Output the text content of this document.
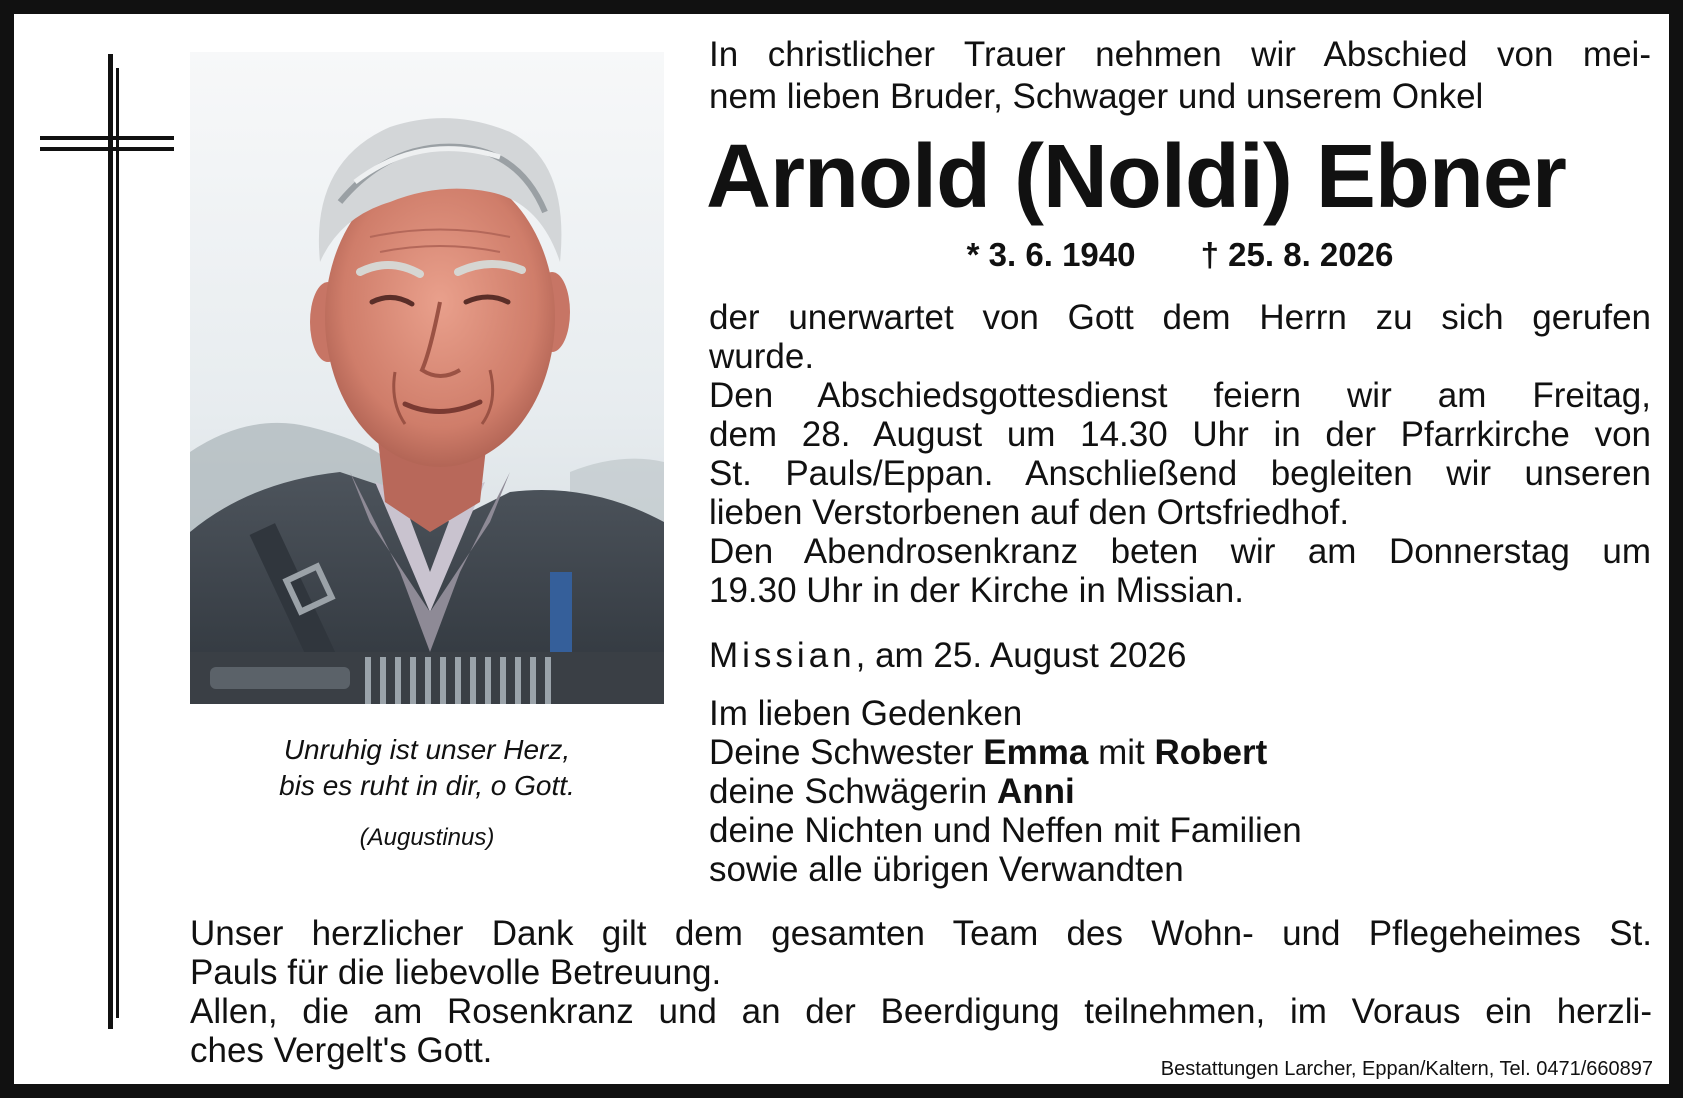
Unruhig ist unser Herz,
bis es ruht in dir, o Gott.
(Augustinus)
In christlicher Trauer nehmen wir Abschied von mei-
nem lieben Bruder, Schwager und unserem Onkel
Arnold (Noldi) Ebner
* 3. 6. 1940 † 25. 8. 2026
der unerwartet von Gott dem Herrn zu sich gerufen
wurde.
Den Abschiedsgottesdienst feiern wir am Freitag,
dem 28. August um 14.30 Uhr in der Pfarrkirche von
St. Pauls/Eppan. Anschließend begleiten wir unseren
lieben Verstorbenen auf den Ortsfriedhof.
Den Abendrosenkranz beten wir am Donnerstag um
19.30 Uhr in der Kirche in Missian.
Missian, am 25. August 2026
Im lieben Gedenken
Deine Schwester Emma mit Robert
deine Schwägerin Anni
deine Nichten und Neffen mit Familien
sowie alle übrigen Verwandten
Unser herzlicher Dank gilt dem gesamten Team des Wohn- und Pflegeheimes St.
Pauls für die liebevolle Betreuung.
Allen, die am Rosenkranz und an der Beerdigung teilnehmen, im Voraus ein herzli-
ches Vergelt's Gott.	Bestattungen Larcher, Eppan/Kaltern, Tel. 0471/660897
